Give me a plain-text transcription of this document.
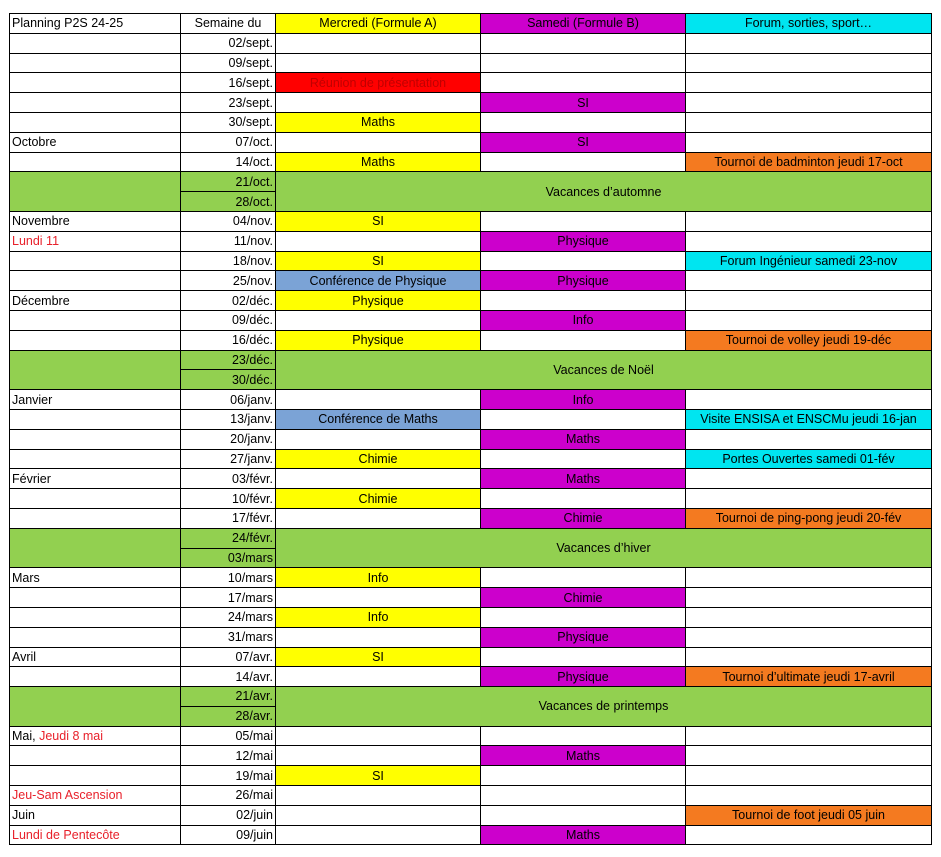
Planning P2S 24-25	Semaine du	Mercredi (Formule A)	Samedi (Formule B)	Forum, sorties, sport…
	02/sept.			
	09/sept.			
	16/sept.	Réunion de présentation		
	23/sept.		SI	
	30/sept.	Maths		
Octobre	07/oct.		SI	
	14/oct.	Maths		Tournoi de badminton jeudi 17-oct
	21/oct.	Vacances d’automne		
	28/oct.			
Novembre	04/nov.	SI		
Lundi 11	11/nov.		Physique	
	18/nov.	SI		Forum Ingénieur samedi 23-nov
	25/nov.	Conférence de Physique	Physique	
Décembre	02/déc.	Physique		
	09/déc.		Info	
	16/déc.	Physique		Tournoi de volley jeudi 19-déc
	23/déc.	Vacances de Noël		
	30/déc.			
Janvier	06/janv.		Info	
	13/janv.	Conférence de Maths		Visite ENSISA et ENSCMu jeudi 16-jan
	20/janv.		Maths	
	27/janv.	Chimie		Portes Ouvertes samedi 01-fév
Février	03/févr.		Maths	
	10/févr.	Chimie		
	17/févr.		Chimie	Tournoi de ping-pong jeudi 20-fév
	24/févr.	Vacances d’hiver		
	03/mars			
Mars	10/mars	Info		
	17/mars		Chimie	
	24/mars	Info		
	31/mars		Physique	
Avril	07/avr.	SI		
	14/avr.		Physique	Tournoi d’ultimate jeudi 17-avril
	21/avr.	Vacances de printemps		
	28/avr.			
Mai, Jeudi 8 mai	05/mai			
	12/mai		Maths	
	19/mai	SI		
Jeu-Sam Ascension	26/mai			
Juin	02/juin			Tournoi de foot jeudi 05 juin
Lundi de Pentecôte	09/juin		Maths	
